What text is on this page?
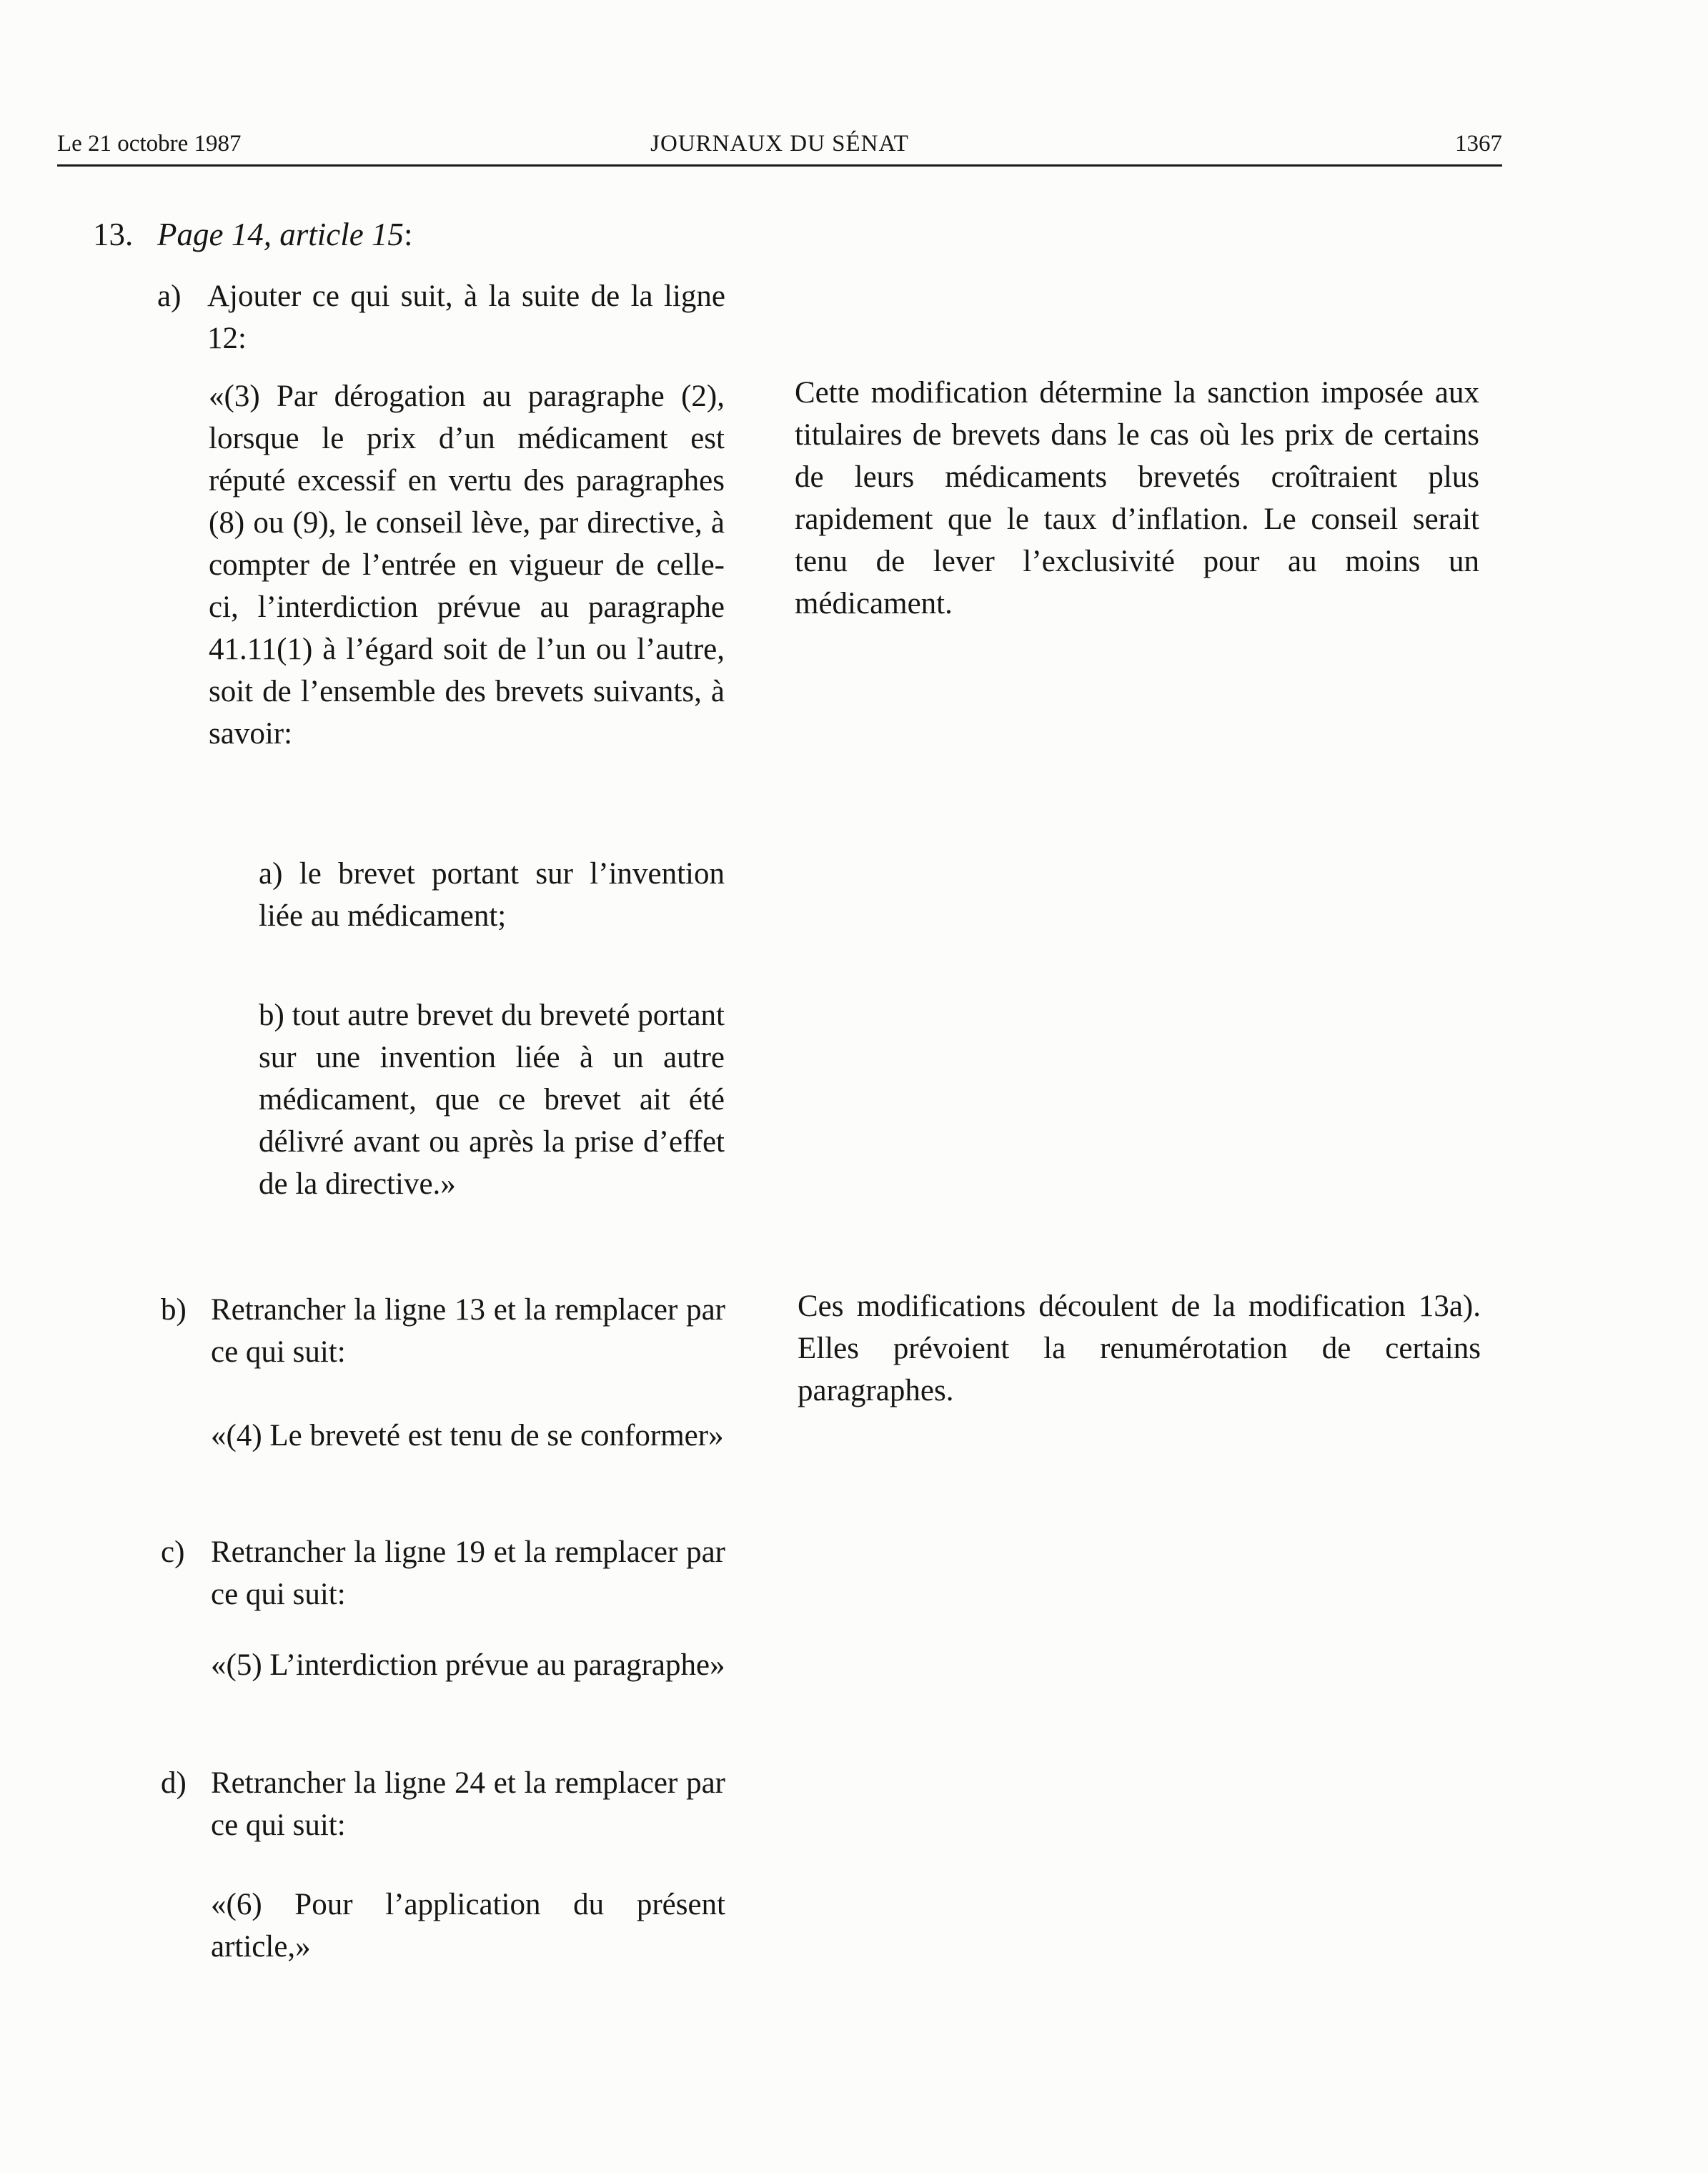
Le 21 octobre 1987	JOURNAUX DU SÉNAT	1367
13. Page 14, article 15:
a) Ajouter ce qui suit, à la suite de la ligne 12:
«(3) Par dérogation au paragraphe (2), lorsque le prix d’un médicament est réputé excessif en vertu des paragraphes (8) ou (9), le conseil lève, par directive, à compter de l’entrée en vigueur de celle-ci, l’interdiction prévue au paragraphe 41.11(1) à l’égard soit de l’un ou l’autre, soit de l’ensemble des brevets suivants, à savoir:
a) le brevet portant sur l’invention liée au médicament;
b) tout autre brevet du breveté portant sur une invention liée à un autre médicament, que ce brevet ait été délivré avant ou après la prise d’effet de la directive.»
Cette modification détermine la sanction imposée aux titulaires de brevets dans le cas où les prix de certains de leurs médicaments brevetés croîtraient plus rapidement que le taux d’inflation. Le conseil serait tenu de lever l’exclusivité pour au moins un médicament.
b) Retrancher la ligne 13 et la remplacer par ce qui suit:
«(4) Le breveté est tenu de se conformer»
Ces modifications découlent de la modification 13a). Elles prévoient la renumérotation de certains paragraphes.
c) Retrancher la ligne 19 et la remplacer par ce qui suit:
«(5) L’interdiction prévue au paragraphe»
d) Retrancher la ligne 24 et la remplacer par ce qui suit:
«(6) Pour l’application du présent article,»
